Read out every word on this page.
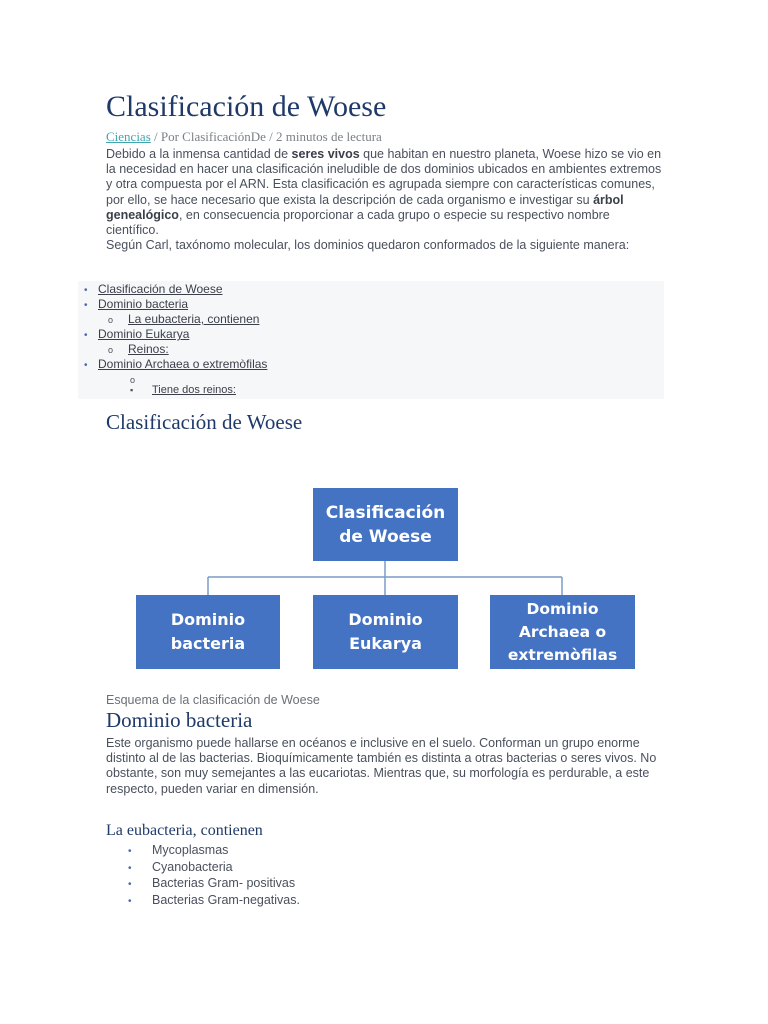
Clasificación de Woese
Ciencias / Por ClasificaciónDe / 2 minutos de lectura

Debido a la inmensa cantidad de seres vivos que habitan en nuestro planeta, Woese hizo se vio en la necesidad en hacer una clasificación ineludible de dos dominios ubicados en ambientes extremos y otra compuesta por el ARN. Esta clasificación es agrupada siempre con características comunes, por ello, se hace necesario que exista la descripción de cada organismo e investigar su árbol genealógico, en consecuencia proporcionar a cada grupo o especie su respectivo nombre científico.

Según Carl, taxónomo molecular, los dominios quedaron conformados de la siguiente manera:

• Clasificación de Woese
• Dominio bacteria
o La eubacteria, contienen
• Dominio Eukarya
o Reinos:
• Dominio Archaea o extremòfilas
o
▪ Tiene dos reinos:
Clasificación de Woese
Clasificación de Woese
Dominio bacteria
Dominio Eukarya
Dominio Archaea o extremòfilas
Esquema de la clasificación de Woese
Dominio bacteria

Este organismo puede hallarse en océanos e inclusive en el suelo. Conforman un grupo enorme distinto al de las bacterias. Bioquímicamente también es distinta a otras bacterias o seres vivos. No obstante, son muy semejantes a las eucariotas. Mientras que, su morfología es perdurable, a este respecto, pueden variar en dimensión.

La eubacteria, contienen
• Mycoplasmas
• Cyanobacteria
• Bacterias Gram- positivas
• Bacterias Gram-negativas.
